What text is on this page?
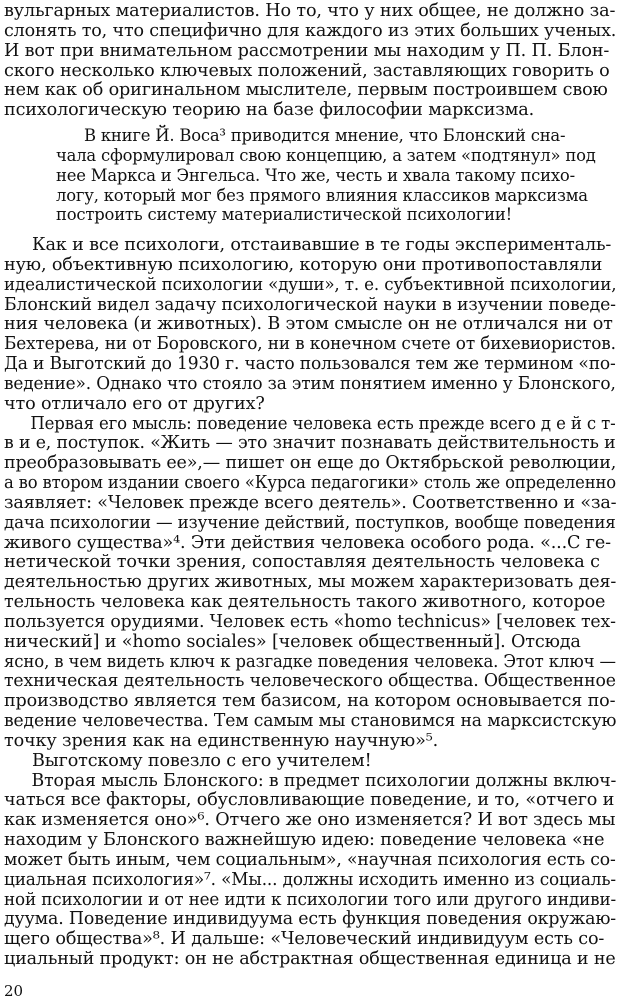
вульгарных материалистов. Но то, что у них общее, не должно за-
слонять то, что специфично для каждого из этих больших ученых.
И вот при внимательном рассмотрении мы находим у П. П. Блон-
ского несколько ключевых положений, заставляющих говорить о
нем как об оригинальном мыслителе, первым построившем свою
психологическую теорию на базе философии марксизма.
В книге Й. Воса³ приводится мнение, что Блонский сна-
чала сформулировал свою концепцию, а затем «подтянул» под
нее Маркса и Энгельса. Что же, честь и хвала такому психо-
логу, который мог без прямого влияния классиков марксизма
построить систему материалистической психологии!
Как и все психологи, отстаивавшие в те годы эксперименталь-
ную, объективную психологию, которую они противопоставляли
идеалистической психологии «души», т. е. субъективной психологии,
Блонский видел задачу психологической науки в изучении поведе-
ния человека (и животных). В этом смысле он не отличался ни от
Бехтерева, ни от Боровского, ни в конечном счете от бихевиористов.
Да и Выготский до 1930 г. часто пользовался тем же термином «по-
ведение». Однако что стояло за этим понятием именно у Блонского,
что отличало его от других?
Первая его мысль: поведение человека есть прежде всего д е й с т-
в и е, поступок. «Жить — это значит познавать действительность и
преобразовывать ее»,— пишет он еще до Октябрьской революции,
а во втором издании своего «Курса педагогики» столь же определенно
заявляет: «Человек прежде всего деятель». Соответственно и «за-
дача психологии — изучение действий, поступков, вообще поведения
живого существа»⁴. Эти действия человека особого рода. «...С ге-
нетической точки зрения, сопоставляя деятельность человека с
деятельностью других животных, мы можем характеризовать дея-
тельность человека как деятельность такого животного, которое
пользуется орудиями. Человек есть «homo technicus» [человек тех-
нический] и «homo sociales» [человек общественный]. Отсюда
ясно, в чем видеть ключ к разгадке поведения человека. Этот ключ —
техническая деятельность человеческого общества. Общественное
производство является тем базисом, на котором основывается по-
ведение человечества. Тем самым мы становимся на марксистскую
точку зрения как на единственную научную»⁵.
Выготскому повезло с его учителем!
Вторая мысль Блонского: в предмет психологии должны включ-
чаться все факторы, обусловливающие поведение, и то, «отчего и
как изменяется оно»⁶. Отчего же оно изменяется? И вот здесь мы
находим у Блонского важнейшую идею: поведение человека «не
может быть иным, чем социальным», «научная психология есть со-
циальная психология»⁷. «Мы... должны исходить именно из социаль-
ной психологии и от нее идти к психологии того или другого индиви-
дуума. Поведение индивидуума есть функция поведения окружаю-
щего общества»⁸. И дальше: «Человеческий индивидуум есть со-
циальный продукт: он не абстрактная общественная единица и не
20
